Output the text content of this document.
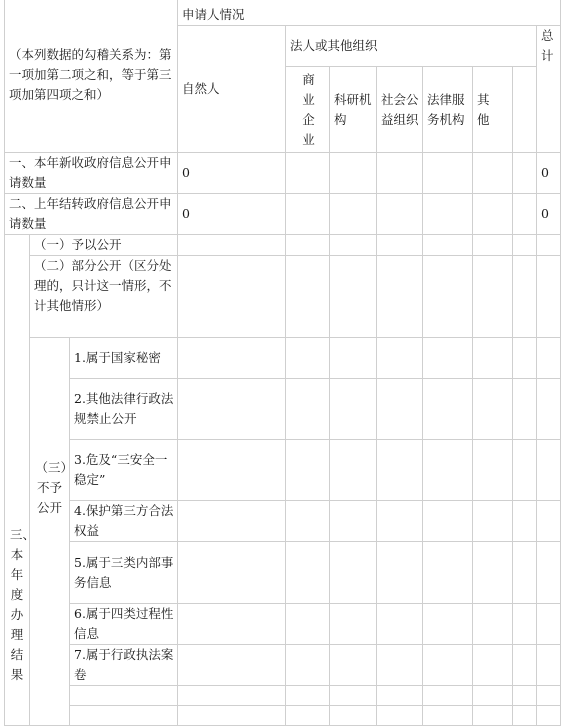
（本列数据的勾稽关系为：第一项加第二项之和，等于第三项加第四项之和）			申请人情况							
			自然人	法人或其他组织						总计

				商业企业	科研机构	社会公益组织	法律服务机构	其他		

一、本年新收政府信息公开申请数量			0							0
二、上年结转政府信息公开申请数量			0							0

三、本年度办理结果	（一）予以公开									
	（二）部分公开（区分处理的，只计这一情形，不计其他情形）									

	（三）不予公开	1.属于国家秘密								
		2.其他法律行政法规禁止公开								
		3.危及“三安全一稳定”								
		4.保护第三方合法权益								
		5.属于三类内部事务信息								
		6.属于四类过程性信息								
		7.属于行政执法案卷								
